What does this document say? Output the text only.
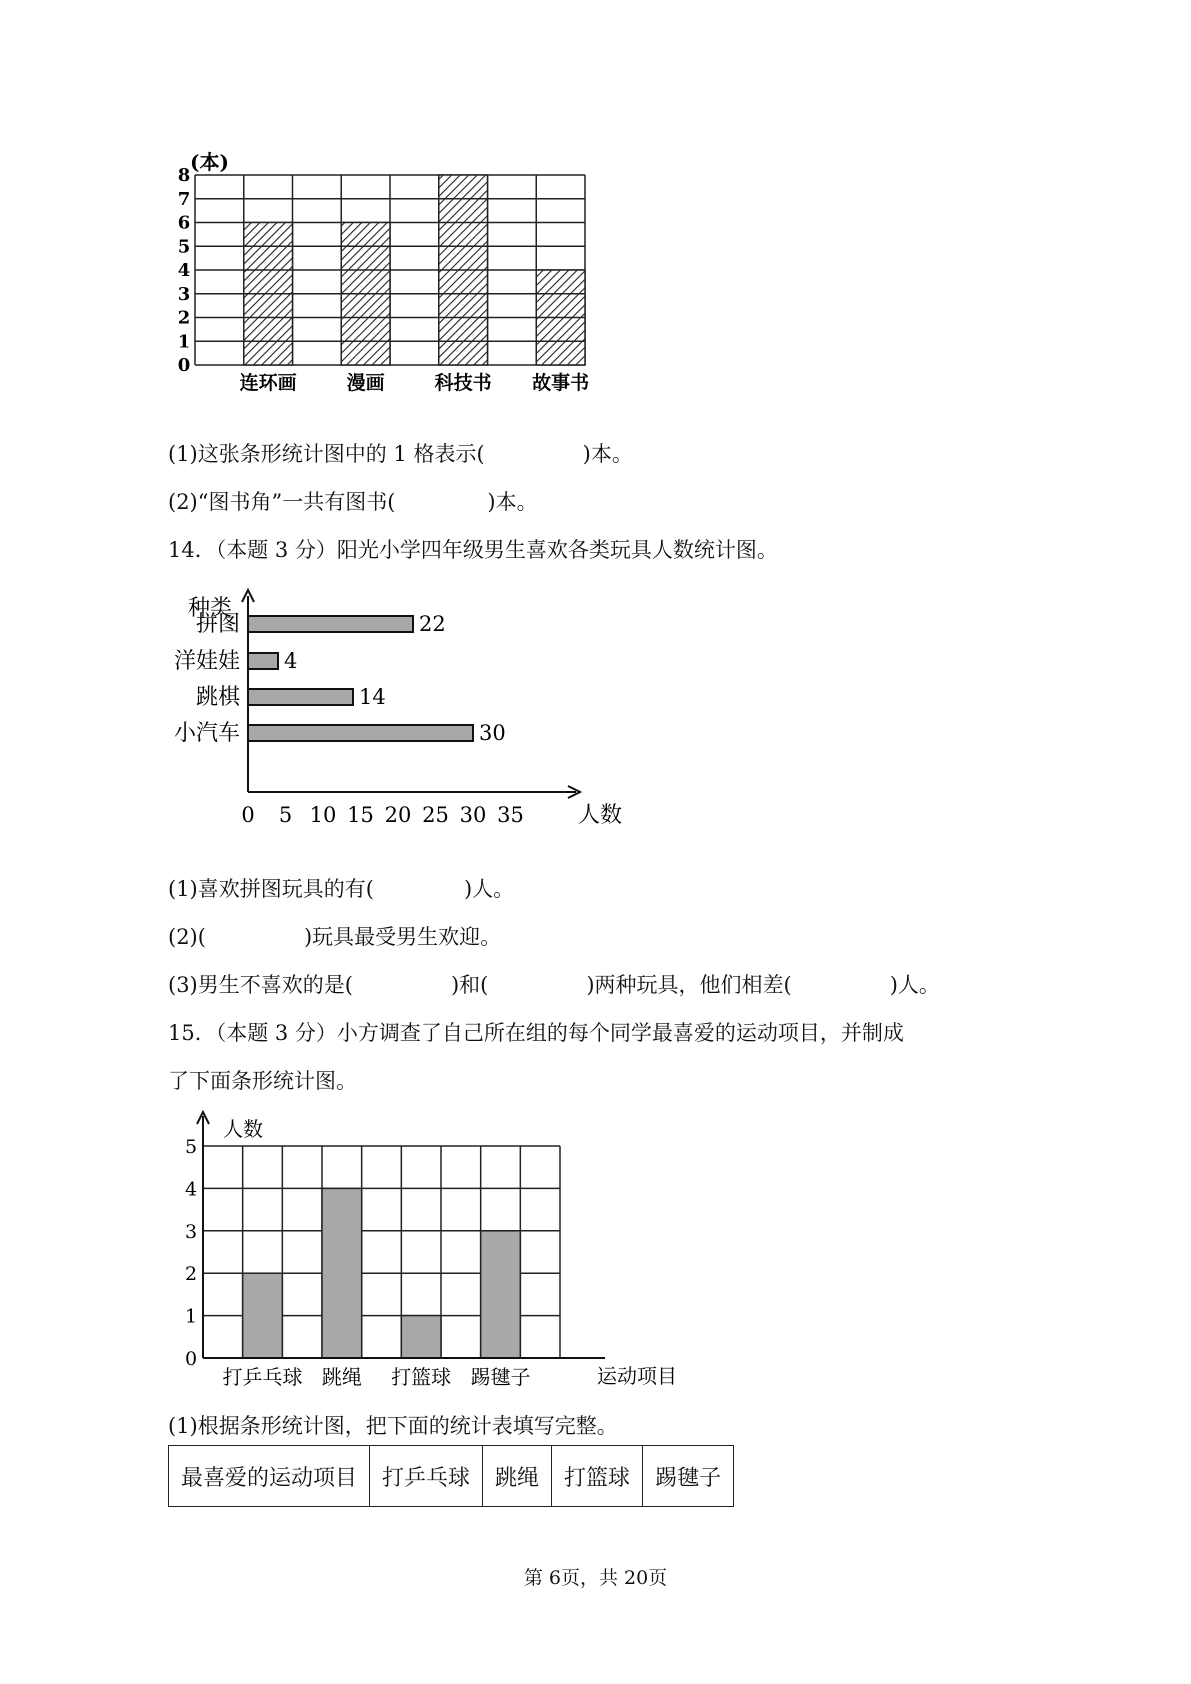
0
1
2
3
4
5
6
7
8
连环画	漫画	科技书 故事书
(本)
(1)这张条形统计图中的 1 格表示(	)本。
(2)“图书角”一共有图书(	)本。
14．（本题 3 分）阳光小学四年级男生喜欢各类玩具人数统计图。
22
4
14
30
拼图
洋娃娃
跳棋
小汽车
0 5 10 15 20 25 30 35
种类
人数
(1)喜欢拼图玩具的有(	)人。
(2)(	)玩具最受男生欢迎。
(3)男生不喜欢的是(	)和(	)两种玩具，他们相差(	)人。
15．（本题 3 分）小方调查了自己所在组的每个同学最喜爱的运动项目，并制成
了下面条形统计图。
0
1
2
3
4
5
打乒乓球 跳绳 打篮球 踢毽子
人数
运动项目
(1)根据条形统计图，把下面的统计表填写完整。
最喜爱的运动项目	打乒乓球	跳绳	打篮球	踢毽子
第 6页，共 20页
